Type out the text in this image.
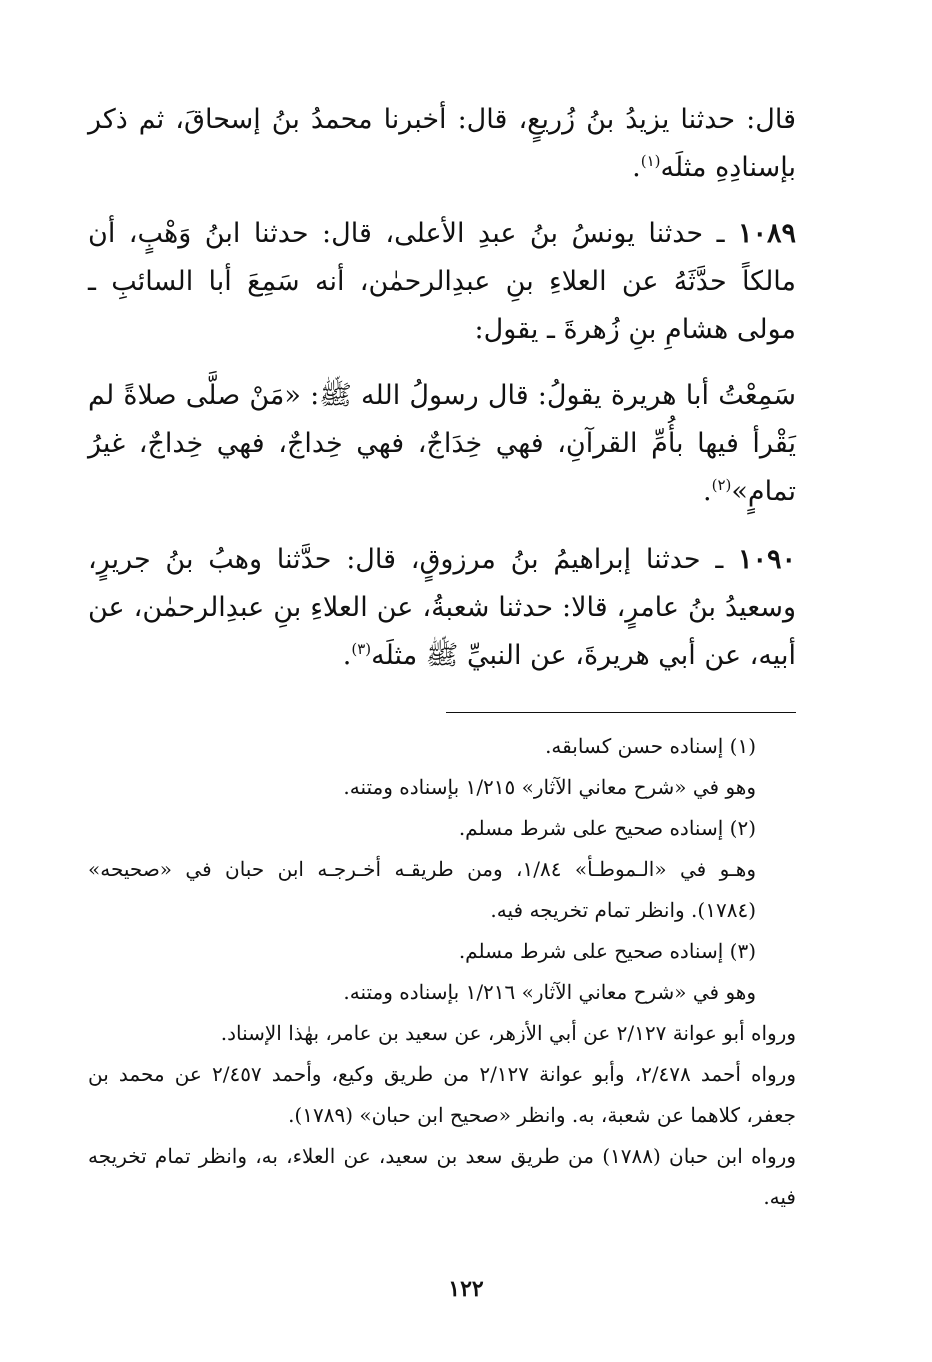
قال: حدثنا يزيدُ بنُ زُريعٍ، قال: أخبرنا محمدُ بنُ إسحاقَ، ثم ذكر بإسنادِهِ مثلَه$^{(١)}$.

١٠٨٩ ـ حدثنا يونسُ بنُ عبدِ الأعلى، قال: حدثنا ابنُ وَهْبٍ، أن مالكاً حدَّثَهُ عن العلاءِ بنِ عبدِالرحمٰن، أنه سَمِعَ أبا السائبِ ـ مولى هشامِ بنِ زُهرةَ ـ يقول:

سَمِعْتُ أبا هريرة يقولُ: قال رسولُ الله ﷺ: «مَنْ صلَّى صلاةً لم يَقْرأ فيها بأُمِّ القرآنِ، فهي خِدَاجٌ، فهي خِداجٌ، فهي خِداجٌ، غيرُ تمامٍ»$^{(٢)}$.

١٠٩٠ ـ حدثنا إبراهيمُ بنُ مرزوقٍ، قال: حدَّثنا وهبُ بنُ جريرٍ، وسعيدُ بنُ عامرٍ، قالا: حدثنا شعبةُ، عن العلاءِ بنِ عبدِالرحمٰن، عن أبيه، عن أبي هريرةَ، عن النبيِّ ﷺ مثلَه$^{(٣)}$.

(١) إسناده حسن كسابقه.

وهو في «شرح معاني الآثار» ١/٢١٥ بإسناده ومتنه.

(٢) إسناده صحيح على شرط مسلم.

وهـو في «الـموطـأ» ١/٨٤، ومن طريقـه أخـرجـه ابن حبان في «صحيحه» (١٧٨٤). وانظر تمام تخريجه فيه.

(٣) إسناده صحيح على شرط مسلم.

وهو في «شرح معاني الآثار» ١/٢١٦ بإسناده ومتنه.

ورواه أبو عوانة ٢/١٢٧ عن أبي الأزهر، عن سعيد بن عامر، بهٰذا الإسناد.

ورواه أحمد ٢/٤٧٨، وأبو عوانة ٢/١٢٧ من طريق وكيع، وأحمد ٢/٤٥٧ عن محمد بن جعفر، كلاهما عن شعبة، به. وانظر «صحيح ابن حبان» (١٧٨٩).

ورواه ابن حبان (١٧٨٨) من طريق سعد بن سعيد، عن العلاء، به، وانظر تمام تخريجه فيه.

١٢٢
